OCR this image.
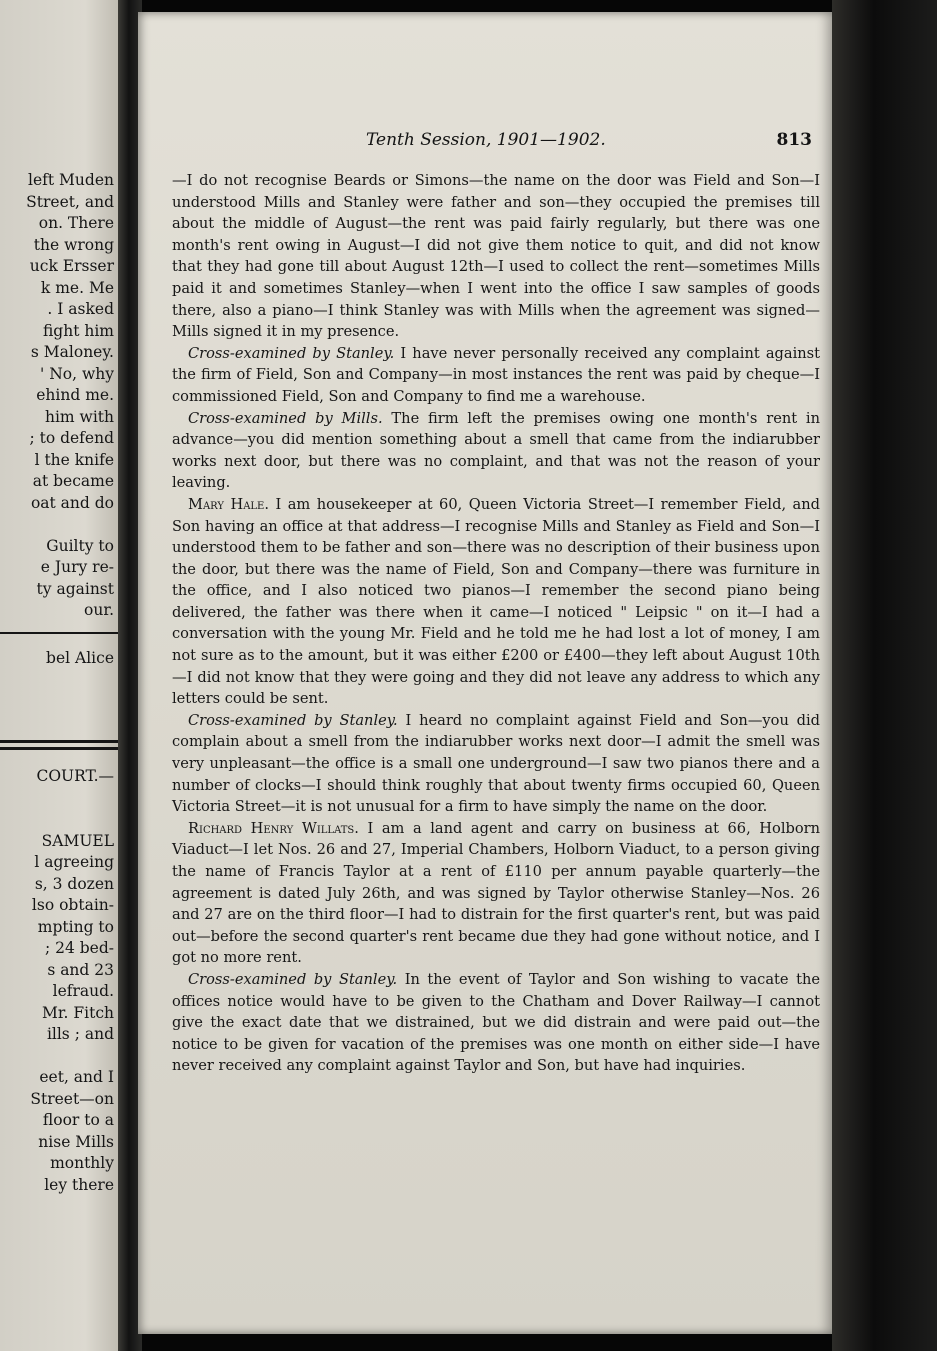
left Muden
Street, and
on. There
the wrong
uck Ersser
k me. Me
. I asked
fight him
s Maloney.
' No, why
ehind me.
him with
; to defend
l the knife
at became
oat and do
Guilty to
e Jury re-
ty against
our.
bel Alice
COURT.—
SAMUEL
l agreeing
s, 3 dozen
lso obtain-
mpting to
; 24 bed-
s and 23
lefraud.
Mr. Fitch
ills ; and
eet, and I
Street—on
floor to a
nise Mills
monthly
ley there
Tenth Session, 1901—1902.	813

—I do not recognise Beards or Simons—the name on the door was Field and Son—I understood Mills and Stanley were father and son—they occupied the premises till about the middle of August—the rent was paid fairly regularly, but there was one month's rent owing in August—I did not give them notice to quit, and did not know that they had gone till about August 12th—I used to collect the rent—sometimes Mills paid it and sometimes Stanley—when I went into the office I saw samples of goods there, also a piano—I think Stanley was with Mills when the agreement was signed—Mills signed it in my presence.

Cross-examined by Stanley. I have never personally received any complaint against the firm of Field, Son and Company—in most instances the rent was paid by cheque—I commissioned Field, Son and Company to find me a warehouse.

Cross-examined by Mills. The firm left the premises owing one month's rent in advance—you did mention something about a smell that came from the indiarubber works next door, but there was no complaint, and that was not the reason of your leaving.

Mary Hale. I am housekeeper at 60, Queen Victoria Street—I remember Field, and Son having an office at that address—I recognise Mills and Stanley as Field and Son—I understood them to be father and son—there was no description of their business upon the door, but there was the name of Field, Son and Company—there was furniture in the office, and I also noticed two pianos—I remember the second piano being delivered, the father was there when it came—I noticed " Leipsic " on it—I had a conversation with the young Mr. Field and he told me he had lost a lot of money, I am not sure as to the amount, but it was either £200 or £400—they left about August 10th—I did not know that they were going and they did not leave any address to which any letters could be sent.

Cross-examined by Stanley. I heard no complaint against Field and Son—you did complain about a smell from the indiarubber works next door—I admit the smell was very unpleasant—the office is a small one underground—I saw two pianos there and a number of clocks—I should think roughly that about twenty firms occupied 60, Queen Victoria Street—it is not unusual for a firm to have simply the name on the door.

Richard Henry Willats. I am a land agent and carry on business at 66, Holborn Viaduct—I let Nos. 26 and 27, Imperial Chambers, Holborn Viaduct, to a person giving the name of Francis Taylor at a rent of £110 per annum payable quarterly—the agreement is dated July 26th, and was signed by Taylor otherwise Stanley—Nos. 26 and 27 are on the third floor—I had to distrain for the first quarter's rent, but was paid out—before the second quarter's rent became due they had gone without notice, and I got no more rent.

Cross-examined by Stanley. In the event of Taylor and Son wishing to vacate the offices notice would have to be given to the Chatham and Dover Railway—I cannot give the exact date that we distrained, but we did distrain and were paid out—the notice to be given for vacation of the premises was one month on either side—I have never received any complaint against Taylor and Son, but have had inquiries.
